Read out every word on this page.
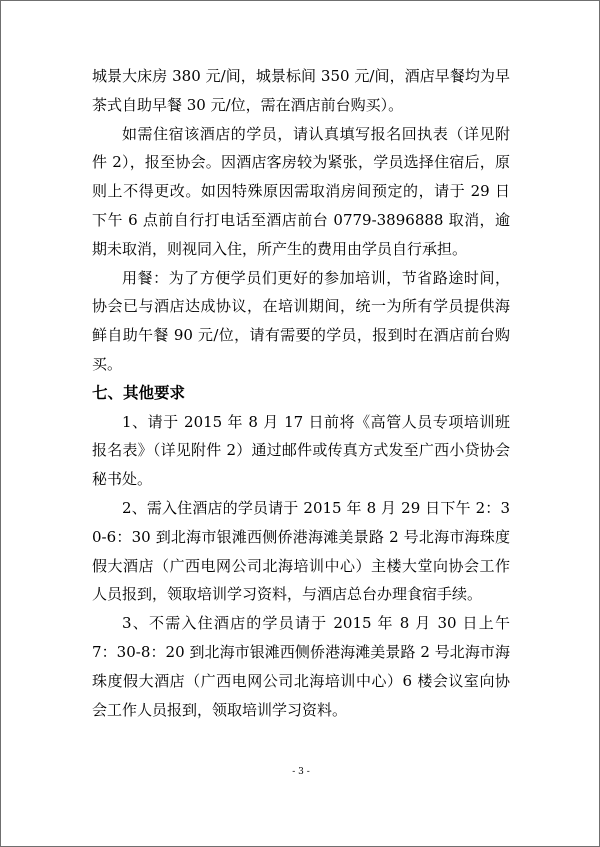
城景大床房 380 元/间，城景标间 350 元/间，酒店早餐均为早茶式自助早餐 30 元/位，需在酒店前台购买）。

如需住宿该酒店的学员，请认真填写报名回执表（详见附件 2），报至协会。因酒店客房较为紧张，学员选择住宿后，原则上不得更改。如因特殊原因需取消房间预定的，请于 29 日下午 6 点前自行打电话至酒店前台 0779-3896888 取消，逾期未取消，则视同入住，所产生的费用由学员自行承担。

用餐：为了方便学员们更好的参加培训，节省路途时间，协会已与酒店达成协议，在培训期间，统一为所有学员提供海鲜自助午餐 90 元/位，请有需要的学员，报到时在酒店前台购买。

七、其他要求

1、请于 2015 年 8 月 17 日前将《高管人员专项培训班报名表》（详见附件 2）通过邮件或传真方式发至广西小贷协会秘书处。

2、需入住酒店的学员请于 2015 年 8 月 29 日下午 2：30-6：30 到北海市银滩西侧侨港海滩美景路 2 号北海市海珠度假大酒店（广西电网公司北海培训中心）主楼大堂向协会工作人员报到，领取培训学习资料，与酒店总台办理食宿手续。

3、不需入住酒店的学员请于 2015 年 8 月 30 日上午 7：30-8：20 到北海市银滩西侧侨港海滩美景路 2 号北海市海珠度假大酒店（广西电网公司北海培训中心）6 楼会议室向协会工作人员报到，领取培训学习资料。

- 3 -
